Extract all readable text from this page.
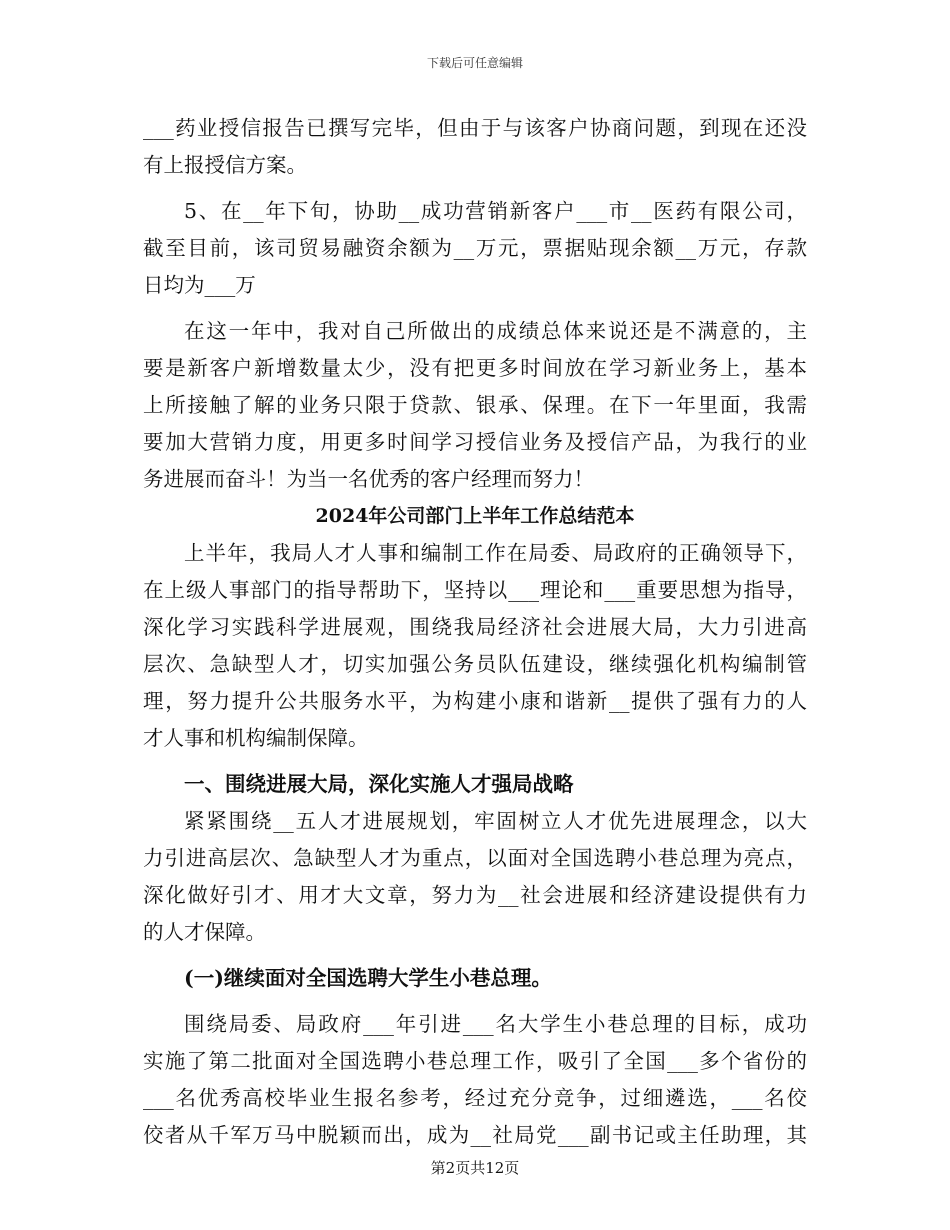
下载后可任意编辑
___药业授信报告已撰写完毕，但由于与该客户协商问题，到现在还没
有上报授信方案。
5、在__年下旬，协助__成功营销新客户___市__医药有限公司，
截至目前，该司贸易融资余额为__万元，票据贴现余额__万元，存款
日均为___万
在这一年中，我对自己所做出的成绩总体来说还是不满意的，主
要是新客户新增数量太少，没有把更多时间放在学习新业务上，基本
上所接触了解的业务只限于贷款、银承、保理。在下一年里面，我需
要加大营销力度，用更多时间学习授信业务及授信产品，为我行的业
务进展而奋斗！为当一名优秀的客户经理而努力！
2024年公司部门上半年工作总结范本
上半年，我局人才人事和编制工作在局委、局政府的正确领导下，
在上级人事部门的指导帮助下，坚持以___理论和___重要思想为指导，
深化学习实践科学进展观，围绕我局经济社会进展大局，大力引进高
层次、急缺型人才，切实加强公务员队伍建设，继续强化机构编制管
理，努力提升公共服务水平，为构建小康和谐新__提供了强有力的人
才人事和机构编制保障。
一、围绕进展大局，深化实施人才强局战略
紧紧围绕__五人才进展规划，牢固树立人才优先进展理念，以大
力引进高层次、急缺型人才为重点，以面对全国选聘小巷总理为亮点，
深化做好引才、用才大文章，努力为__社会进展和经济建设提供有力
的人才保障。
(一)继续面对全国选聘大学生小巷总理。
围绕局委、局政府___年引进___名大学生小巷总理的目标，成功
实施了第二批面对全国选聘小巷总理工作，吸引了全国___多个省份的
___名优秀高校毕业生报名参考，经过充分竞争，过细遴选，___名佼
佼者从千军万马中脱颖而出，成为__社局党___副书记或主任助理，其
第2页共12页
